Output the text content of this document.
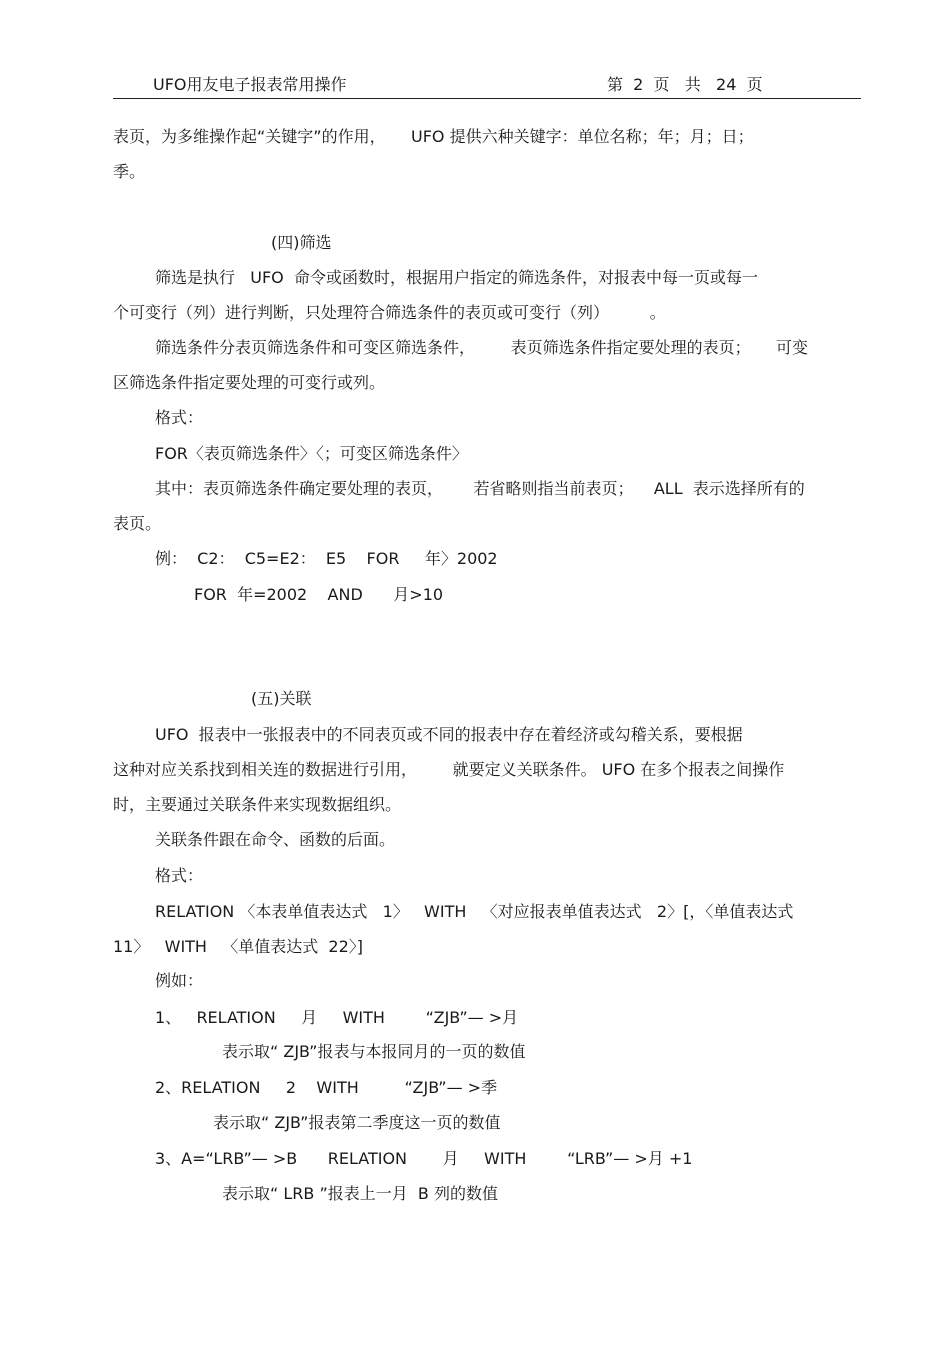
UFO用友电子报表常用操作	第  2  页   共   24  页
表页，为多维操作起“关键字”的作用，     UFO 提供六种关键字：单位名称；年；月；日；
季。
(四)筛选
筛选是执行   UFO  命令或函数时，根据用户指定的筛选条件，对报表中每一页或每一
个可变行（列）进行判断，只处理符合筛选条件的表页或可变行（列）        。
筛选条件分表页筛选条件和可变区筛选条件，       表页筛选条件指定要处理的表页；     可变
区筛选条件指定要处理的可变行或列。
格式：
FOR〈表页筛选条件〉〈；可变区筛选条件〉
其中：表页筛选条件确定要处理的表页，      若省略则指当前表页；    ALL  表示选择所有的
表页。
例：  C2：  C5=E2：  E5    FOR     年〉2002
FOR  年=2002    AND      月>10
(五)关联
UFO  报表中一张报表中的不同表页或不同的报表中存在着经济或勾稽关系，要根据
这种对应关系找到相关连的数据进行引用，       就要定义关联条件。 UFO 在多个报表之间操作
时，主要通过关联条件来实现数据组织。
关联条件跟在命令、函数的后面。
格式：
RELATION 〈本表单值表达式   1〉   WITH   〈对应报表单值表达式   2〉[，〈单值表达式
11〉   WITH   〈单值表达式  22〉]
例如：
1、   RELATION     月     WITH        “ZJB”— >月
表示取“ ZJB”报表与本报同月的一页的数值
2、RELATION     2    WITH         “ZJB”— >季
表示取“ ZJB”报表第二季度这一页的数值
3、A=“LRB”— >B      RELATION       月     WITH        “LRB”— >月 +1
表示取“ LRB ”报表上一月  B 列的数值
